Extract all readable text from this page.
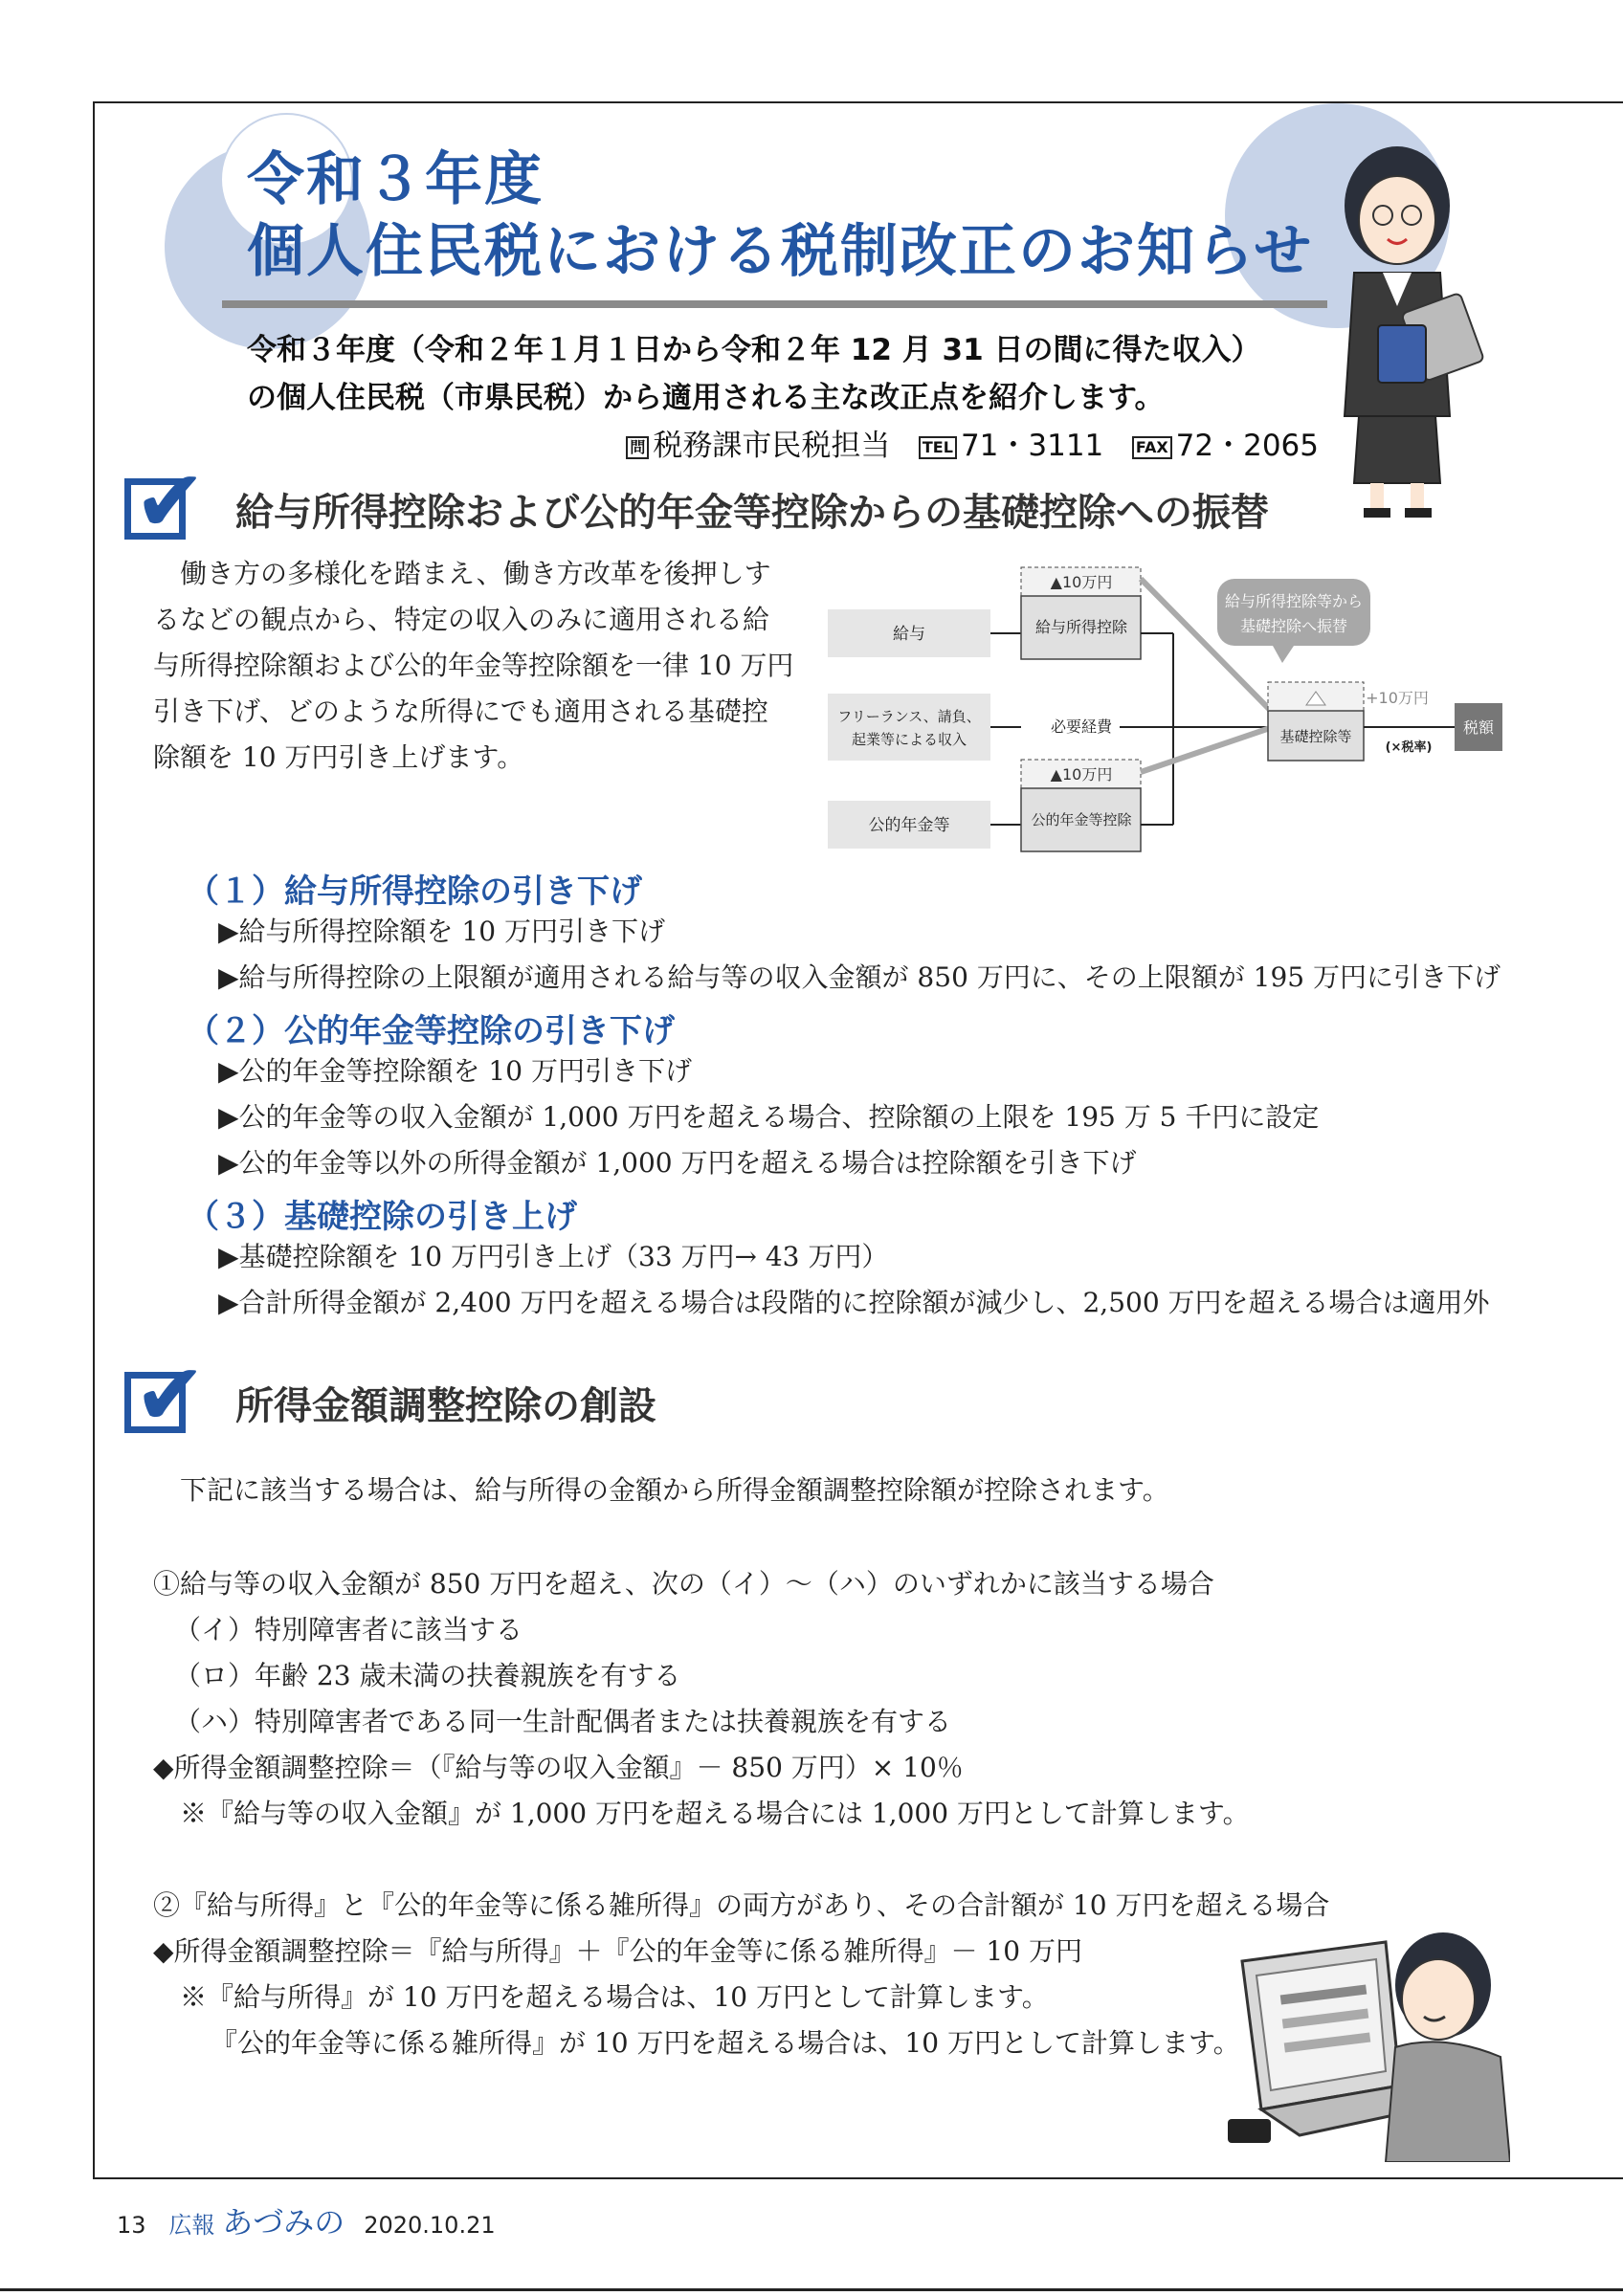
令和３年度
個人住民税における税制改正のお知らせ
令和３年度（令和２年１月１日から令和２年 12 月 31 日の間に得た収入）
の個人住民税（市県民税）から適用される主な改正点を紹介します。
問 税務課市民税担当 TEL 71・3111 FAX 72・2065
✔ 給与所得控除および公的年金等控除からの基礎控除への振替
　働き方の多様化を踏まえ、働き方改革を後押しす
るなどの観点から、特定の収入のみに適用される給
与所得控除額および公的年金等控除額を一律 10 万円
引き下げ、どのような所得にでも適用される基礎控
除額を 10 万円引き上げます。
給与
フリーランス、請負、
起業等による収入
公的年金等
▲10万円
給与所得控除
必要経費
▲10万円
公的年金等控除
給与所得控除等から
基礎控除へ振替
+10万円
基礎控除等
(×税率)
税額
（１）給与所得控除の引き下げ
▶給与所得控除額を 10 万円引き下げ
▶給与所得控除の上限額が適用される給与等の収入金額が 850 万円に、その上限額が 195 万円に引き下げ
（２）公的年金等控除の引き下げ
▶公的年金等控除額を 10 万円引き下げ
▶公的年金等の収入金額が 1,000 万円を超える場合、控除額の上限を 195 万 5 千円に設定
▶公的年金等以外の所得金額が 1,000 万円を超える場合は控除額を引き下げ
（３）基礎控除の引き上げ
▶基礎控除額を 10 万円引き上げ（33 万円→ 43 万円）
▶合計所得金額が 2,400 万円を超える場合は段階的に控除額が減少し、2,500 万円を超える場合は適用外
✔ 所得金額調整控除の創設
下記に該当する場合は、給与所得の金額から所得金額調整控除額が控除されます。
①給与等の収入金額が 850 万円を超え、次の（イ）～（ハ）のいずれかに該当する場合
（イ）特別障害者に該当する
（ロ）年齢 23 歳未満の扶養親族を有する
（ハ）特別障害者である同一生計配偶者または扶養親族を有する
◆所得金額調整控除＝（『給与等の収入金額』－ 850 万円）× 10％
※『給与等の収入金額』が 1,000 万円を超える場合には 1,000 万円として計算します。
②『給与所得』と『公的年金等に係る雑所得』の両方があり、その合計額が 10 万円を超える場合
◆所得金額調整控除＝『給与所得』＋『公的年金等に係る雑所得』－ 10 万円
※『給与所得』が 10 万円を超える場合は、10 万円として計算します。
『公的年金等に係る雑所得』が 10 万円を超える場合は、10 万円として計算します。
13 広報 あづみの 2020.10.21
